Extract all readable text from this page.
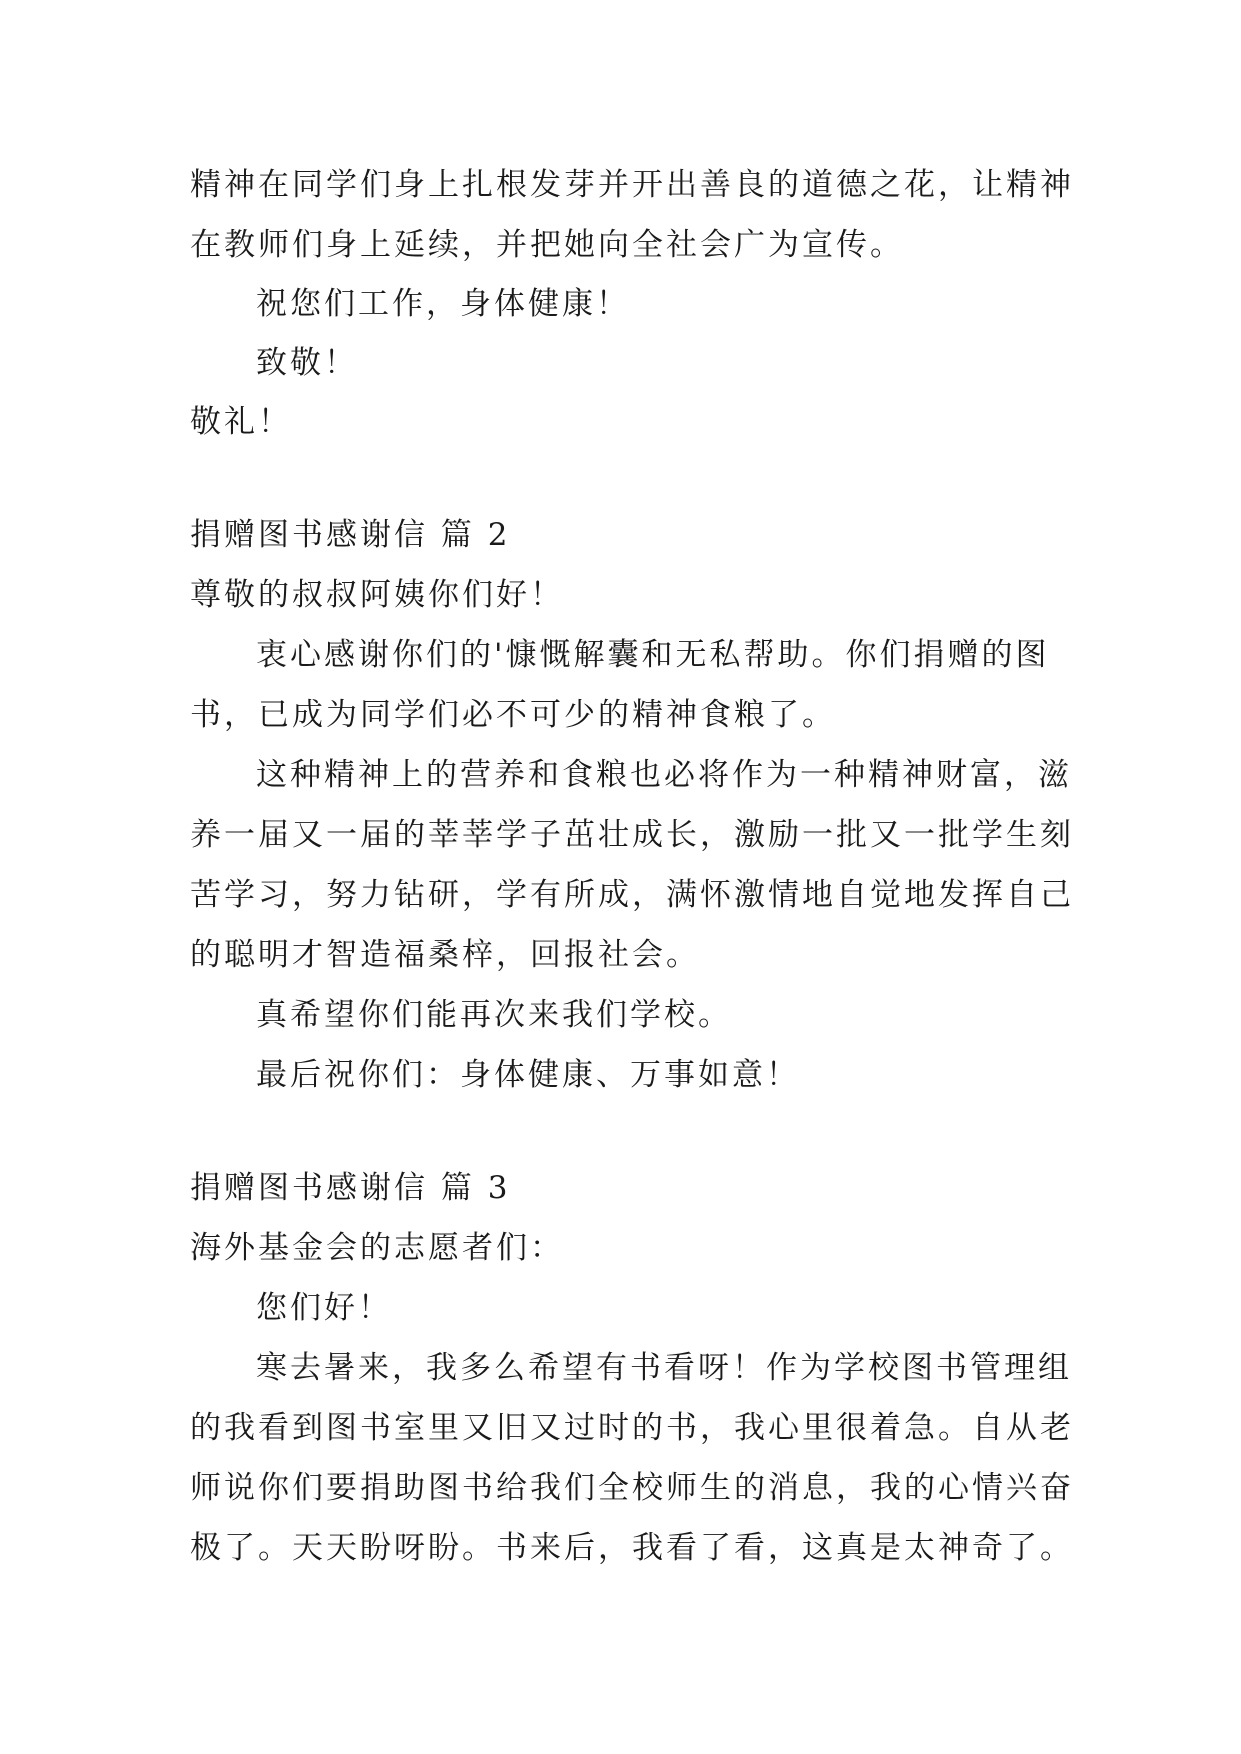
精神在同学们身上扎根发芽并开出善良的道德之花，让精神
在教师们身上延续，并把她向全社会广为宣传。
祝您们工作，身体健康！
致敬！
敬礼！
捐赠图书感谢信 篇 2
尊敬的叔叔阿姨你们好！
衷心感谢你们的'慷慨解囊和无私帮助。你们捐赠的图
书，已成为同学们必不可少的精神食粮了。
这种精神上的营养和食粮也必将作为一种精神财富，滋
养一届又一届的莘莘学子茁壮成长，激励一批又一批学生刻
苦学习，努力钻研，学有所成，满怀激情地自觉地发挥自己
的聪明才智造福桑梓，回报社会。
真希望你们能再次来我们学校。
最后祝你们：身体健康、万事如意！
捐赠图书感谢信 篇 3
海外基金会的志愿者们：
您们好！
寒去暑来，我多么希望有书看呀！作为学校图书管理组
的我看到图书室里又旧又过时的书，我心里很着急。自从老
师说你们要捐助图书给我们全校师生的消息，我的心情兴奋
极了。天天盼呀盼。书来后，我看了看，这真是太神奇了。
